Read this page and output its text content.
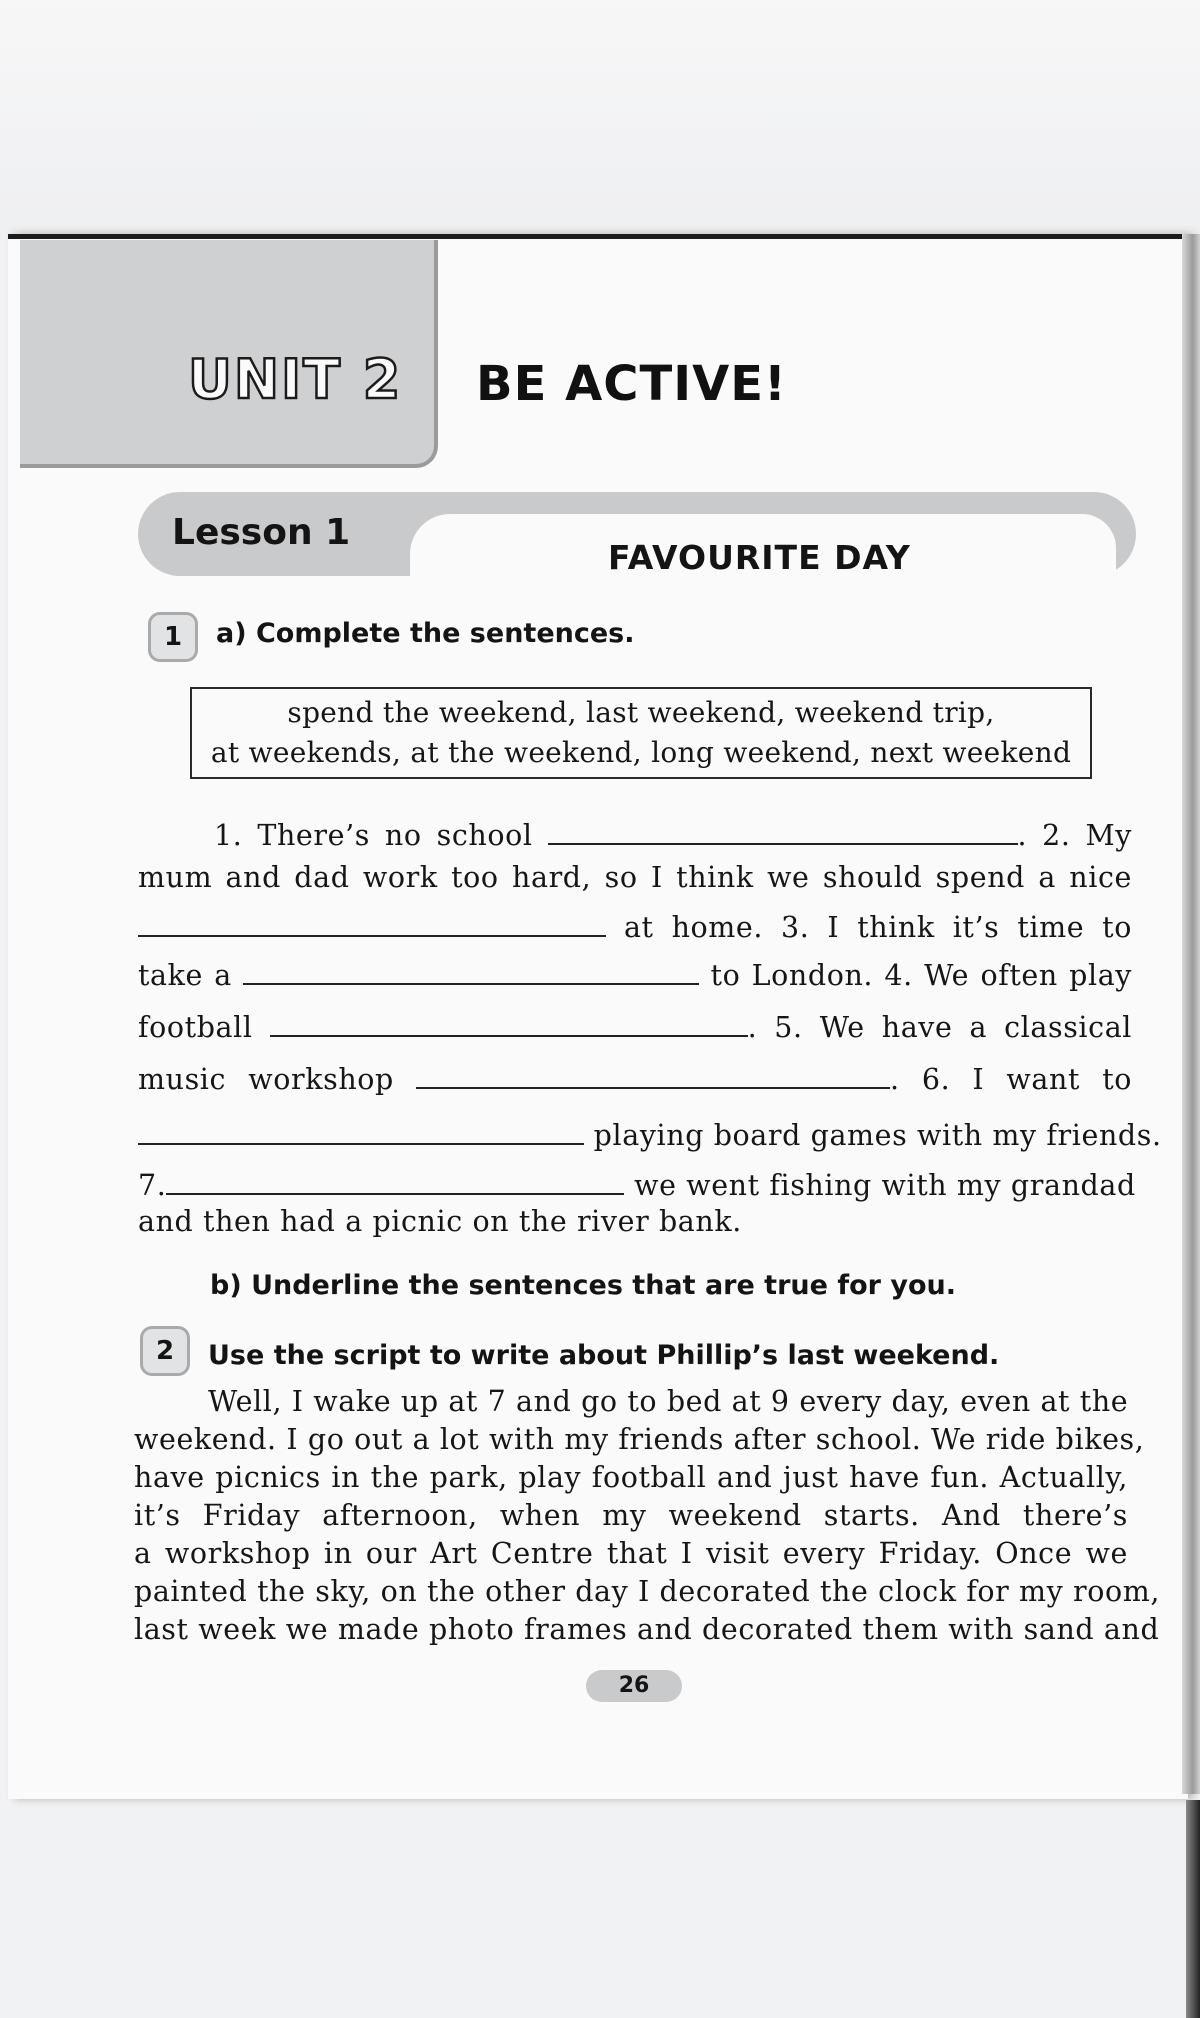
UNIT 2 BE ACTIVE!
Lesson 1
FAVOURITE DAY
1	a) Complete the sentences.
spend the weekend, last weekend, weekend trip,
at weekends, at the weekend, long weekend, next weekend
1. There’s no school	. 2. My
mum and dad work too hard, so I think we should spend a nice
at home. 3. I think it’s time to
take a	to London. 4. We often play
football	. 5. We have a classical
music workshop	. 6. I want to
playing board games with my friends.
7.	we went fishing with my grandad
and then had a picnic on the river bank.
b) Underline the sentences that are true for you.
2	Use the script to write about Phillip’s last weekend.
Well, I wake up at 7 and go to bed at 9 every day, even at the
weekend. I go out a lot with my friends after school. We ride bikes,
have picnics in the park, play football and just have fun. Actually,
it’s Friday afternoon, when my weekend starts. And there’s
a workshop in our Art Centre that I visit every Friday. Once we
painted the sky, on the other day I decorated the clock for my room,
last week we made photo frames and decorated them with sand and
26
